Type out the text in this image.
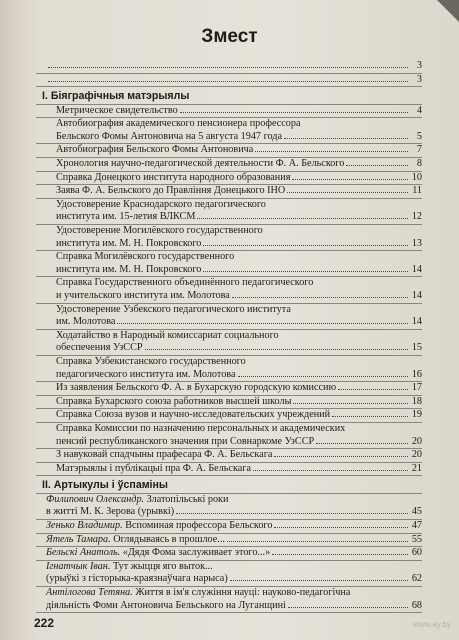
Змест
3
3
I. Біяграфічныя матэрыялы
Метрическое свидетельство	4
Автобиография академического пенсионера профессора
Бельского Фомы Антоновича на 5 августа 1947 года	5
Автобиография Бельского Фомы Антоновича	7
Хронология научно-педагогической деятельности Ф. А. Бельского	8
Справка Донецкого института народного образования	10
Заява Ф. А. Бельского до Правління Донецького ІНО	11
Удостоверение Краснодарского педагогического
института им. 15-летия ВЛКСМ	12
Удостоверение Могилёвского государственного
института им. М. Н. Покровского	13
Справка Могилёвского государственного
института им. М. Н. Покровского	14
Справка Государственного объединённого педагогического
и учительского института им. Молотова	14
Удостоверение Узбекского педагогического института
им. Молотова	14
Ходатайство в Народный комиссариат социального
обеспечения УзССР	15
Справка Узбекистанского государственного
педагогического института им. Молотова	16
Из заявления Бельского Ф. А. в Бухарскую городскую комиссию	17
Справка Бухарского союза работников высшей школы	18
Справка Союза вузов и научно-исследовательских учреждений	19
Справка Комиссии по назначению персональных и академических
пенсий республиканского значения при Совнаркоме УзССР	20
З навуковай спадчыны прафесара Ф. А. Бельскага	20
Матэрыялы і публікацыі пра Ф. А. Бельскага	21
II. Артыкулы і ўспаміны
Филипович Олександр. Златопільські роки
в житті М. К. Зерова (урывкі)	45
Зенько Владимир. Вспоминая профессора Бельского	47
Ятель Тамара. Оглядываясь в прошлое...	55
Бельскі Анатоль. «Дядя Фома заслуживает этого...»	60
Ігнатчык Іван. Тут жыцця яго выток...
(урыўкі з гісторыка-краязнаўчага нарыса)	62
Антілогова Тетяна. Життя в ім'я служіння науці: науково-педагогічна
діяльність Фоми Антоновича Бельського на Луганщині	68
222	www.ay.by
